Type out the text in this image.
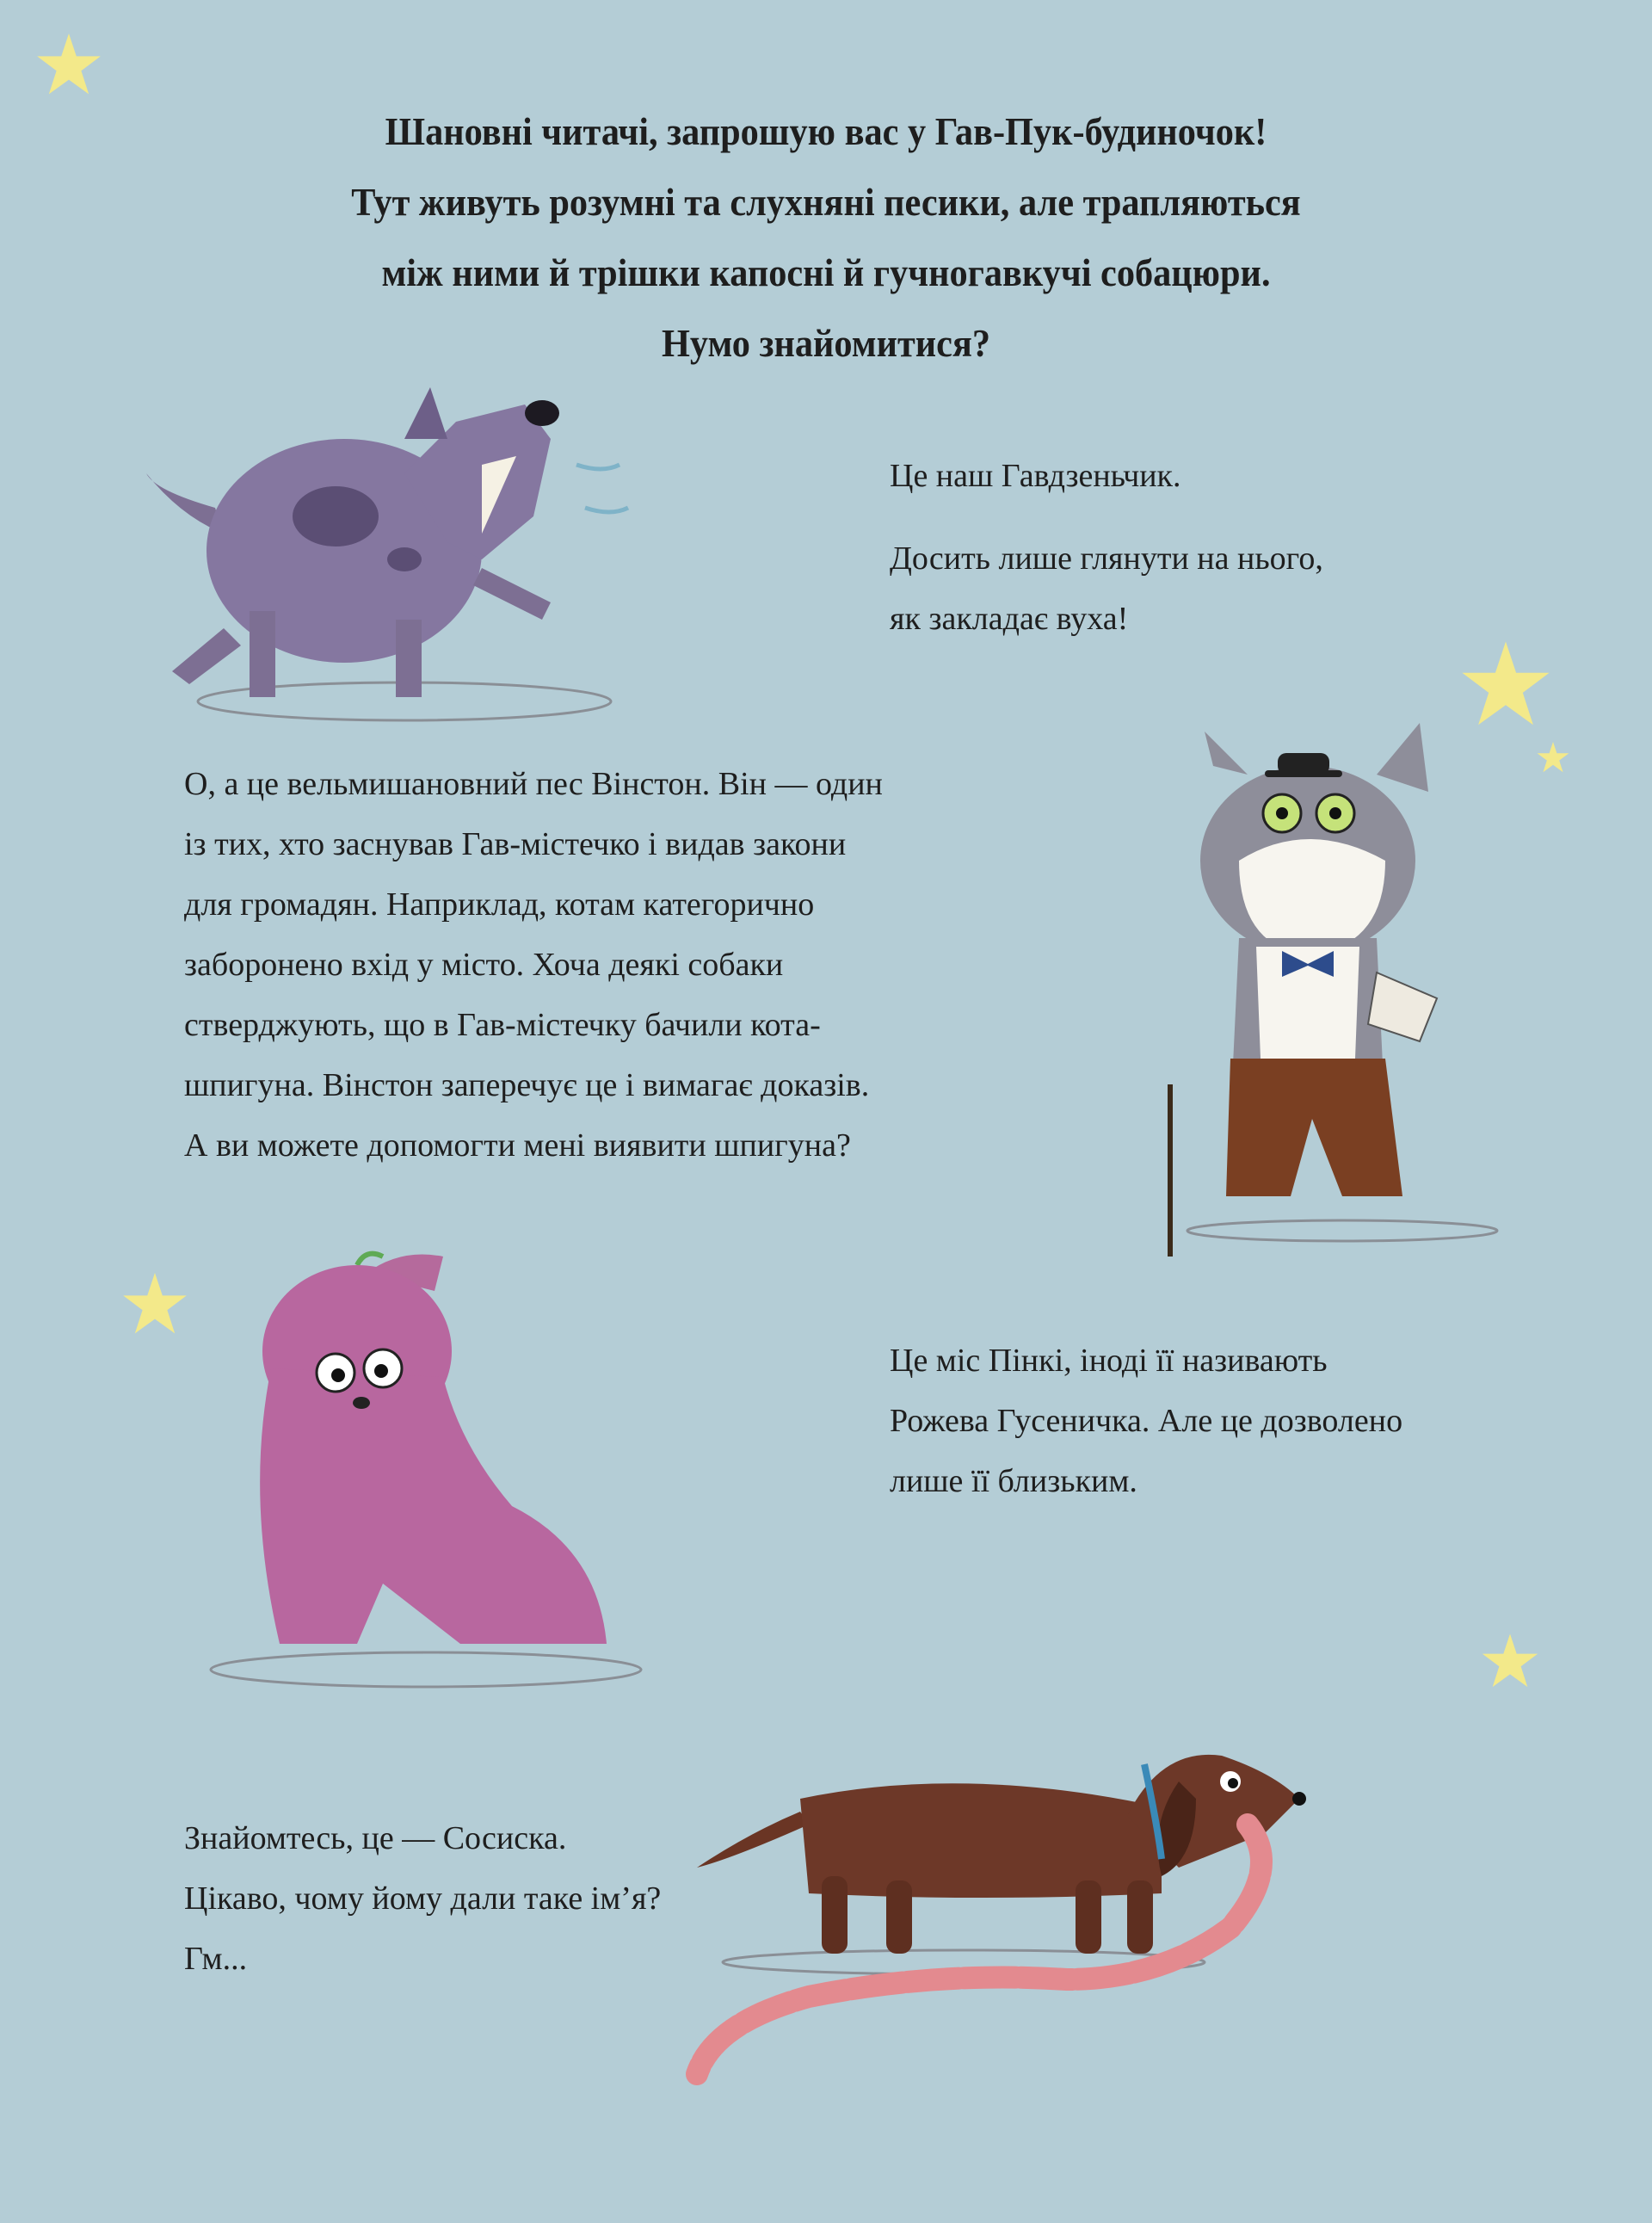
Шановні читачі, запрошую вас у Гав-Пук-будиночок!
Тут живуть розумні та слухняні песики, але трапляються
між ними й трішки капосні й гучногавкучі собацюри.
Нумо знайомитися?

Це наш Гавдзеньчик.

Досить лише глянути на нього,

як закладає вуха!

О, а це вельмишановний пес Вінстон. Він — один

із тих, хто заснував Гав-містечко і видав закони

для громадян. Наприклад, котам категорично

заборонено вхід у місто. Хоча деякі собаки

стверджують, що в Гав-містечку бачили кота-

шпигуна. Вінстон заперечує це і вимагає доказів.

А ви можете допомогти мені виявити шпигуна?

Це міс Пінкі, іноді її називають

Рожева Гусеничка. Але це дозволено

лише її близьким.

Знайомтесь, це — Сосиска.

Цікаво, чому йому дали таке ім’я?

Гм...
